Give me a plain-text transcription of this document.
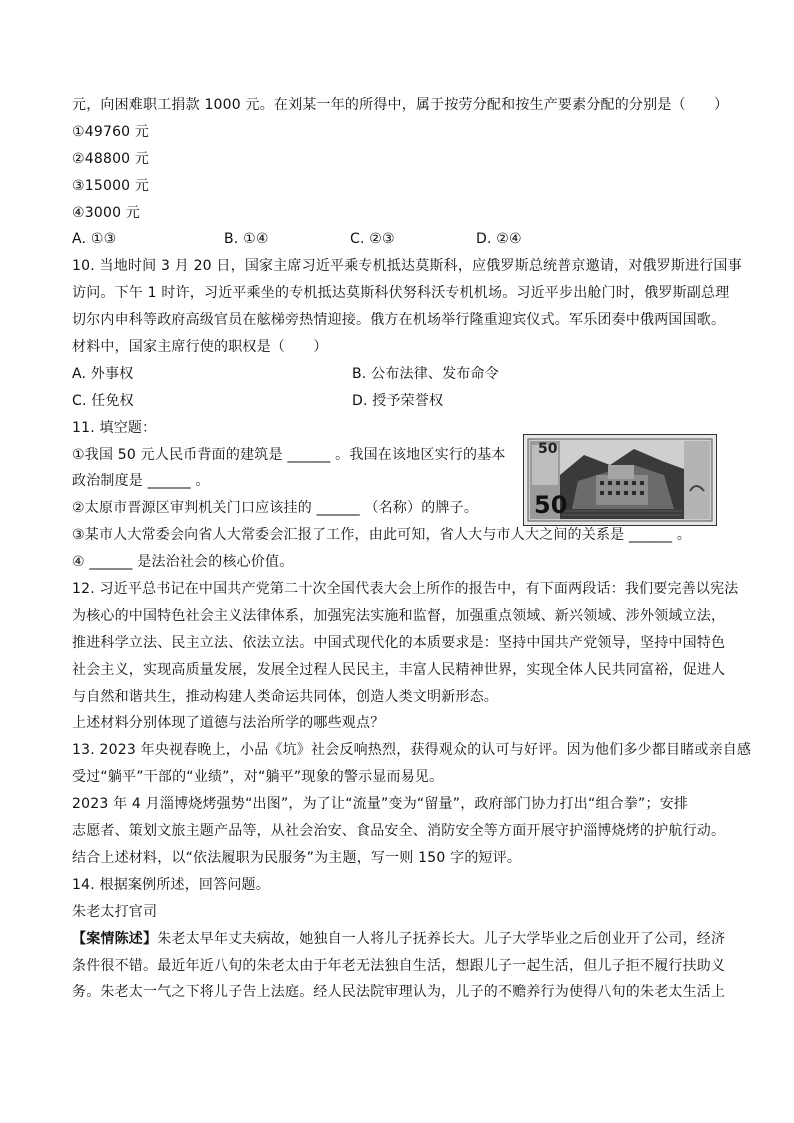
元，向困难职工捐款 1000 元。在刘某一年的所得中，属于按劳分配和按生产要素分配的分别是（　　）
①49760 元
②48800 元
③15000 元
④3000 元
A. ①③	B. ①④	C. ②③	D. ②④
10. 当地时间 3 月 20 日，国家主席习近平乘专机抵达莫斯科，应俄罗斯总统普京邀请，对俄罗斯进行国事
访问。下午 1 时许，习近平乘坐的专机抵达莫斯科伏努科沃专机机场。习近平步出舱门时，俄罗斯副总理
切尔内申科等政府高级官员在舷梯旁热情迎接。俄方在机场举行隆重迎宾仪式。军乐团奏中俄两国国歌。
材料中，国家主席行使的职权是（　　）
A. 外事权	B. 公布法律、发布命令
C. 任免权	D. 授予荣誉权
11. 填空题：
①我国 50 元人民币背面的建筑是 ______ 。我国在该地区实行的基本
政治制度是 ______ 。
②太原市晋源区审判机关门口应该挂的 ______ （名称）的牌子。
③某市人大常委会向省人大常委会汇报了工作，由此可知，省人大与市人大之间的关系是 ______ 。
④ ______ 是法治社会的核心价值。
12. 习近平总书记在中国共产党第二十次全国代表大会上所作的报告中，有下面两段话：我们要完善以宪法
为核心的中国特色社会主义法律体系，加强宪法实施和监督，加强重点领域、新兴领域、涉外领域立法，
推进科学立法、民主立法、依法立法。中国式现代化的本质要求是：坚持中国共产党领导，坚持中国特色
社会主义，实现高质量发展，发展全过程人民民主，丰富人民精神世界，实现全体人民共同富裕，促进人
与自然和谐共生，推动构建人类命运共同体，创造人类文明新形态。
上述材料分别体现了道德与法治所学的哪些观点？
13. 2023 年央视春晚上，小品《坑》社会反响热烈，获得观众的认可与好评。因为他们多少都目睹或亲自感
受过“躺平”干部的“业绩”，对“躺平”现象的警示显而易见。
2023 年 4 月淄博烧烤强势“出图”，为了让“流量”变为“留量”，政府部门协力打出“组合拳”；安排
志愿者、策划文旅主题产品等，从社会治安、食品安全、消防安全等方面开展守护淄博烧烤的护航行动。
结合上述材料，以“依法履职为民服务”为主题，写一则 150 字的短评。
14. 根据案例所述，回答问题。
朱老太打官司
【案情陈述】朱老太早年丈夫病故，她独自一人将儿子抚养长大。儿子大学毕业之后创业开了公司，经济
条件很不错。最近年近八旬的朱老太由于年老无法独自生活，想跟儿子一起生活，但儿子拒不履行扶助义
务。朱老太一气之下将儿子告上法庭。经人民法院审理认为，儿子的不赡养行为使得八旬的朱老太生活上
50
50
